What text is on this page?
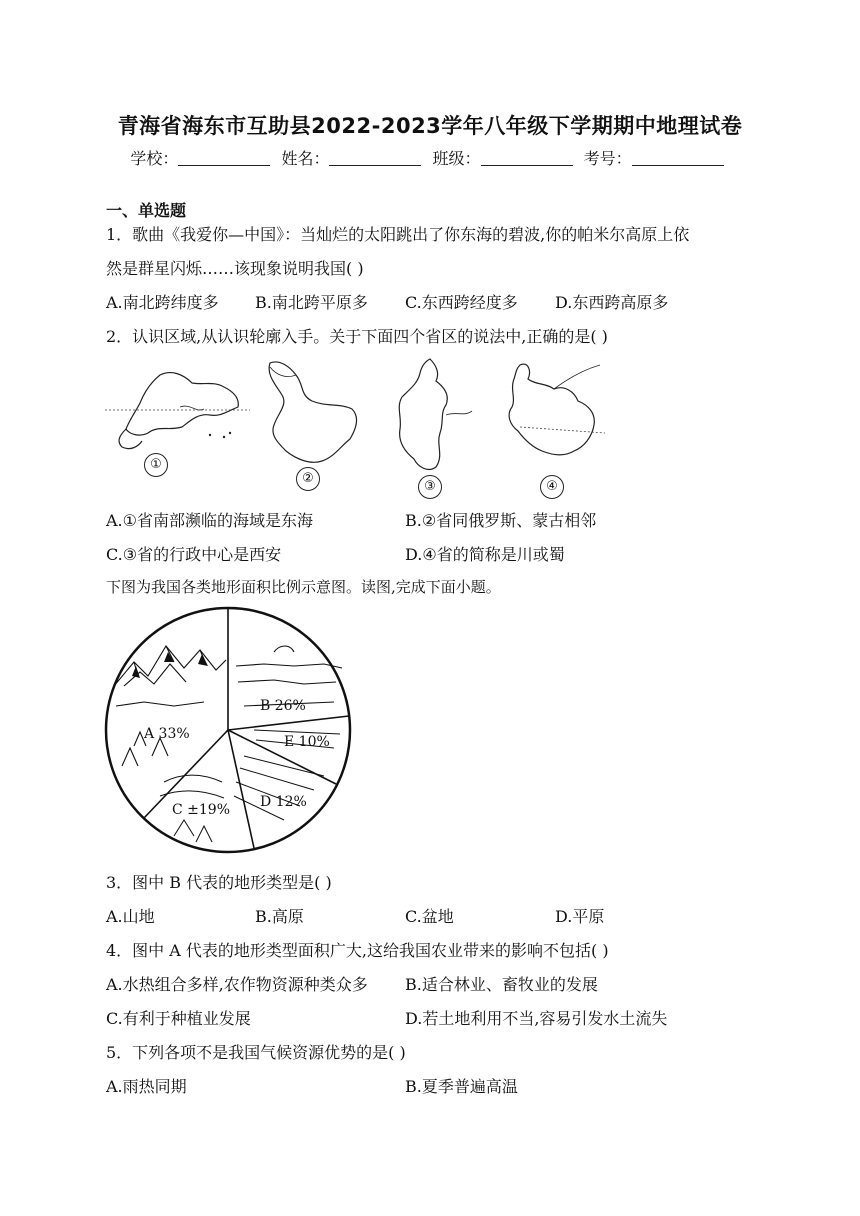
青海省海东市互助县2022-2023学年八年级下学期期中地理试卷
学校：	姓名：	班级：	考号：
一、单选题
1．歌曲《我爱你—中国》：当灿烂的太阳跳出了你东海的碧波,你的帕米尔高原上依
然是群星闪烁……该现象说明我国( )
A.南北跨纬度多 B.南北跨平原多 C.东西跨经度多 D.东西跨高原多
2．认识区域,从认识轮廓入手。关于下面四个省区的说法中,正确的是( )
①
②
③	④
A.①省南部濒临的海域是东海	B.②省同俄罗斯、蒙古相邻
C.③省的行政中心是西安	D.④省的简称是川或蜀
下图为我国各类地形面积比例示意图。读图,完成下面小题。
A 33%
B 26%
E 10%
D 12%
C ±19%
3．图中 B 代表的地形类型是( )
A.山地	B.高原	C.盆地	D.平原
4．图中 A 代表的地形类型面积广大,这给我国农业带来的影响不包括( )
A.水热组合多样,农作物资源种类众多 B.适合林业、畜牧业的发展
C.有利于种植业发展	D.若土地利用不当,容易引发水土流失
5．下列各项不是我国气候资源优势的是( )
A.雨热同期	B.夏季普遍高温
